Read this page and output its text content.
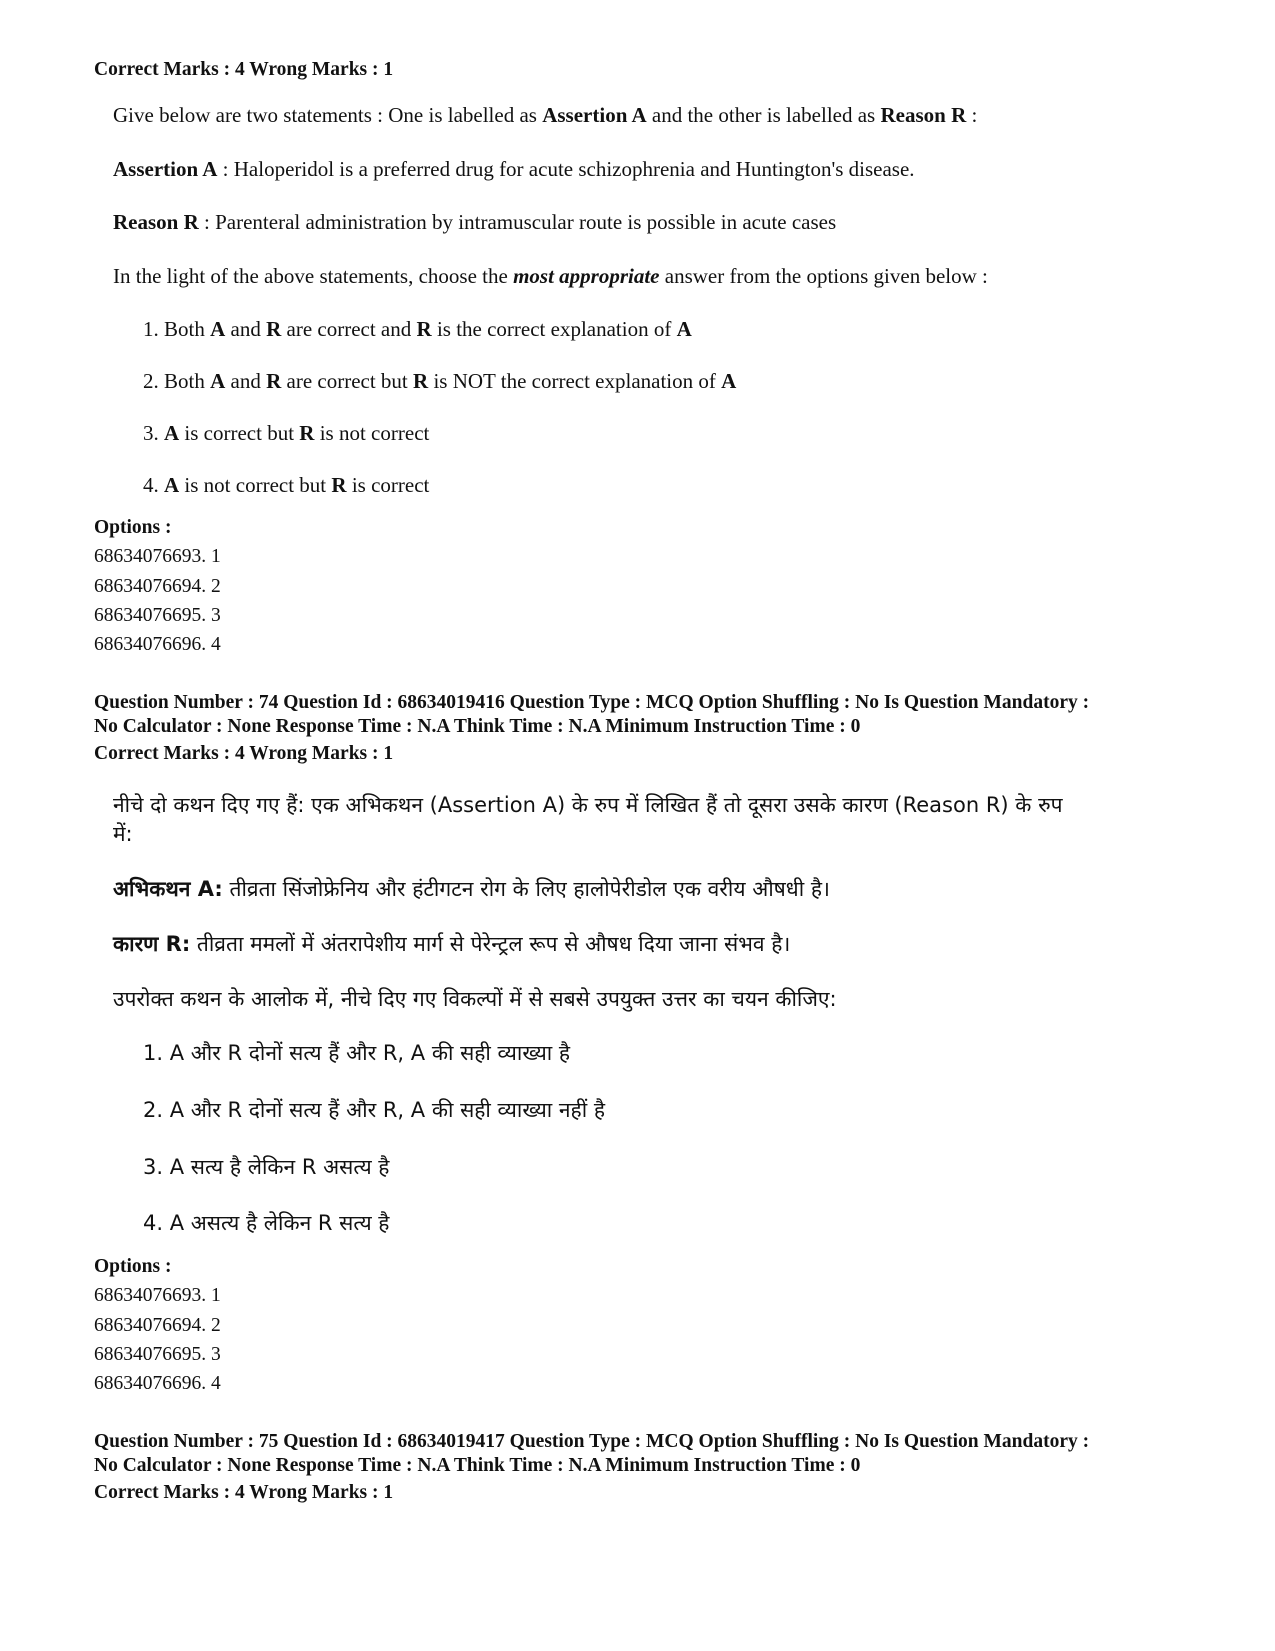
Correct Marks : 4 Wrong Marks : 1
Give below are two statements : One is labelled as Assertion A and the other is labelled as Reason R :
Assertion A : Haloperidol is a preferred drug for acute schizophrenia and Huntington's disease.
Reason R : Parenteral administration by intramuscular route is possible in acute cases
In the light of the above statements, choose the most appropriate answer from the options given below :
1. Both A and R are correct and R is the correct explanation of A
2. Both A and R are correct but R is NOT the correct explanation of A
3. A is correct but R is not correct
4. A is not correct but R is correct
Options :
68634076693. 1
68634076694. 2
68634076695. 3
68634076696. 4
Question Number : 74 Question Id : 68634019416 Question Type : MCQ Option Shuffling : No Is Question Mandatory :
No Calculator : None Response Time : N.A Think Time : N.A Minimum Instruction Time : 0
Correct Marks : 4 Wrong Marks : 1
नीचे दो कथन दिए गए हैं: एक अभिकथन (Assertion A) के रुप में लिखित हैं तो दूसरा उसके कारण (Reason R) के रुप
में:
अभिकथन A: तीव्रता सिंजोफ्रेनिय और हंटीगटन रोग के लिए हालोपेरीडोल एक वरीय औषधी है।
कारण R: तीव्रता ममलों में अंतरापेशीय मार्ग से पेरेन्ट्रल रूप से औषध दिया जाना संभव है।
उपरोक्त कथन के आलोक में, नीचे दिए गए विकल्पों में से सबसे उपयुक्त उत्तर का चयन कीजिए:
1. A और R दोनों सत्य हैं और R, A की सही व्याख्या है
2. A और R दोनों सत्य हैं और R, A की सही व्याख्या नहीं है
3. A सत्य है लेकिन R असत्य है
4. A असत्य है लेकिन R सत्य है
Options :
68634076693. 1
68634076694. 2
68634076695. 3
68634076696. 4
Question Number : 75 Question Id : 68634019417 Question Type : MCQ Option Shuffling : No Is Question Mandatory :
No Calculator : None Response Time : N.A Think Time : N.A Minimum Instruction Time : 0
Correct Marks : 4 Wrong Marks : 1
